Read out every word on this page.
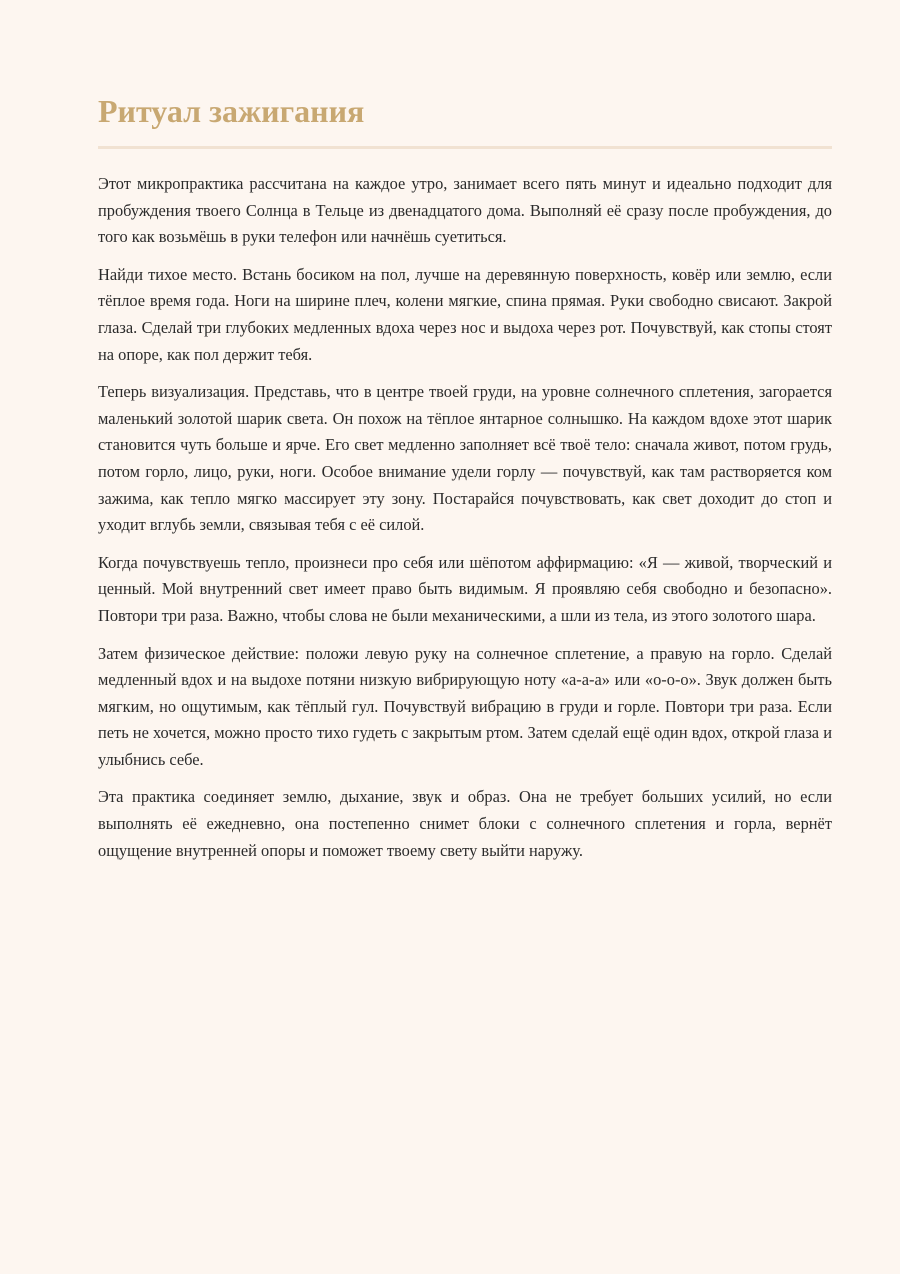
Ритуал зажигания

Этот микропрактика рассчитана на каждое утро, занимает всего пять минут и идеально подходит для пробуждения твоего Солнца в Тельце из двенадцатого дома. Выполняй её сразу после пробуждения, до того как возьмёшь в руки телефон или начнёшь суетиться.

Найди тихое место. Встань босиком на пол, лучше на деревянную поверхность, ковёр или землю, если тёплое время года. Ноги на ширине плеч, колени мягкие, спина прямая. Руки свободно свисают. Закрой глаза. Сделай три глубоких медленных вдоха через нос и выдоха через рот. Почувствуй, как стопы стоят на опоре, как пол держит тебя.

Теперь визуализация. Представь, что в центре твоей груди, на уровне солнечного сплетения, загорается маленький золотой шарик света. Он похож на тёплое янтарное солнышко. На каждом вдохе этот шарик становится чуть больше и ярче. Его свет медленно заполняет всё твоё тело: сначала живот, потом грудь, потом горло, лицо, руки, ноги. Особое внимание удели горлу — почувствуй, как там растворяется ком зажима, как тепло мягко массирует эту зону. Постарайся почувствовать, как свет доходит до стоп и уходит вглубь земли, связывая тебя с её силой.

Когда почувствуешь тепло, произнеси про себя или шёпотом аффирмацию: «Я — живой, творческий и ценный. Мой внутренний свет имеет право быть видимым. Я проявляю себя свободно и безопасно». Повтори три раза. Важно, чтобы слова не были механическими, а шли из тела, из этого золотого шара.

Затем физическое действие: положи левую руку на солнечное сплетение, а правую на горло. Сделай медленный вдох и на выдохе потяни низкую вибрирующую ноту «а-а-а» или «о-о-о». Звук должен быть мягким, но ощутимым, как тёплый гул. Почувствуй вибрацию в груди и горле. Повтори три раза. Если петь не хочется, можно просто тихо гудеть с закрытым ртом. Затем сделай ещё один вдох, открой глаза и улыбнись себе.

Эта практика соединяет землю, дыхание, звук и образ. Она не требует больших усилий, но если выполнять её ежедневно, она постепенно снимет блоки с солнечного сплетения и горла, вернёт ощущение внутренней опоры и поможет твоему свету выйти наружу.
